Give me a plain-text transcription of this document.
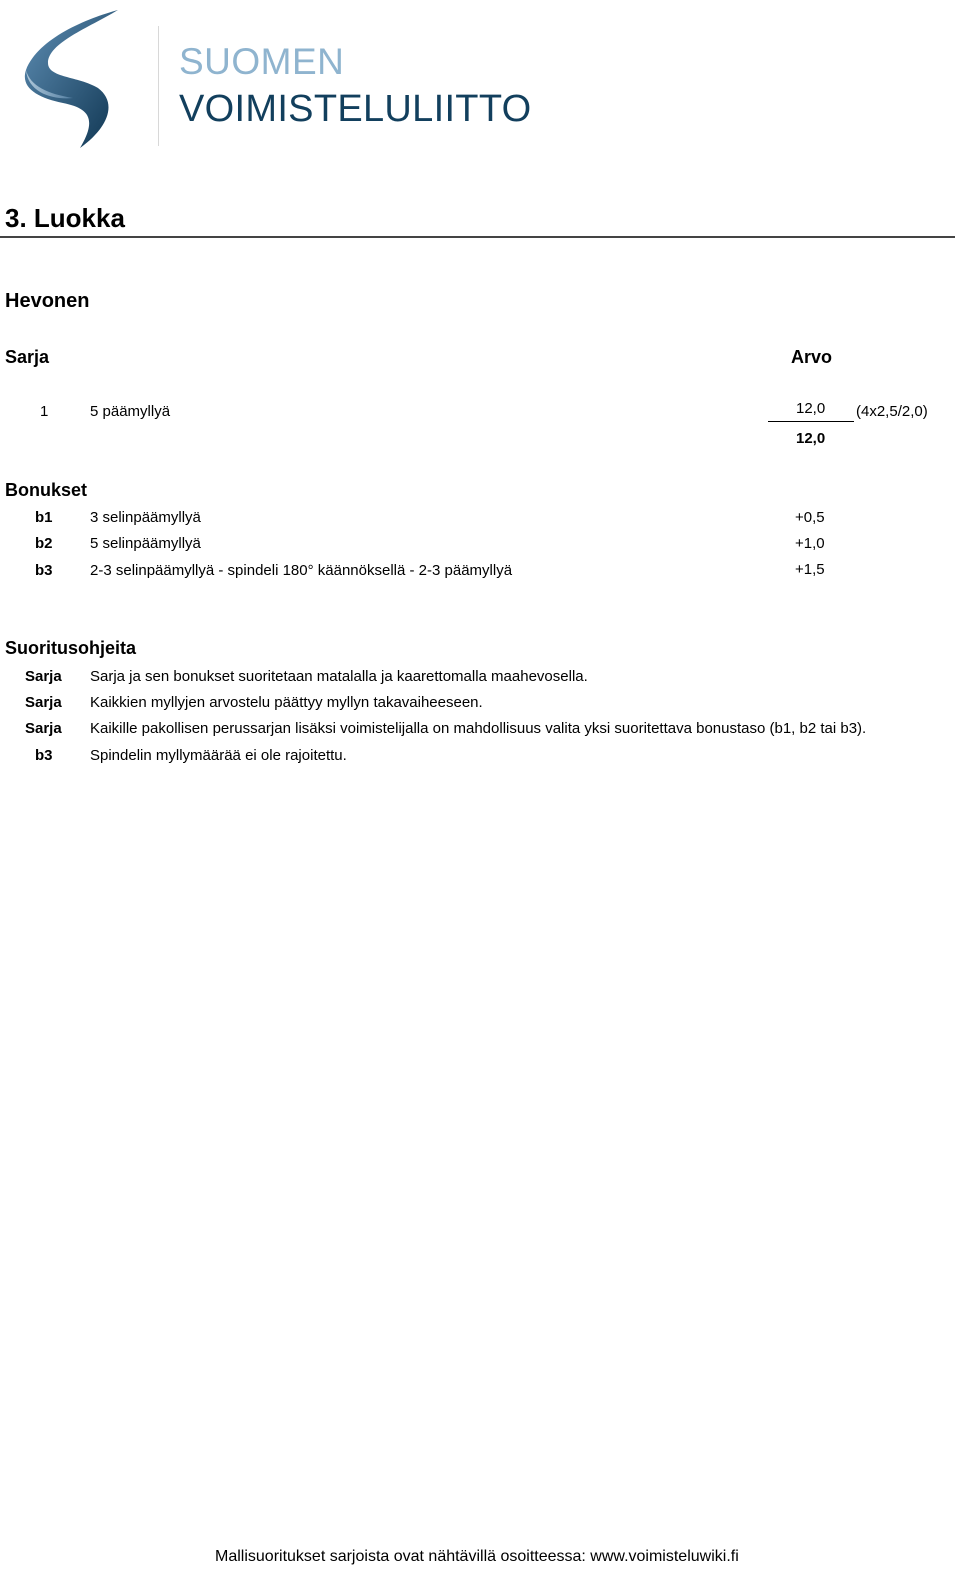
SUOMEN
VOIMISTELULIITTO
3. Luokka
Hevonen
Sarja	Arvo
1	5 päämyllyä	12,0 (4x2,5/2,0)
12,0
Bonukset
b1 3 selinpäämyllyä	+0,5
b2 5 selinpäämyllyä	+1,0
b3 2-3 selinpäämyllyä - spindeli 180° käännöksellä - 2-3 päämyllyä	+1,5
Suoritusohjeita
Sarja Sarja ja sen bonukset suoritetaan matalalla ja kaarettomalla maahevosella.
Sarja Kaikkien myllyjen arvostelu päättyy myllyn takavaiheeseen.
Sarja Kaikille pakollisen perussarjan lisäksi voimistelijalla on mahdollisuus valita yksi suoritettava bonustaso (b1, b2 tai b3).
b3 Spindelin myllymäärää ei ole rajoitettu.
Mallisuoritukset sarjoista ovat nähtävillä osoitteessa: www.voimisteluwiki.fi
